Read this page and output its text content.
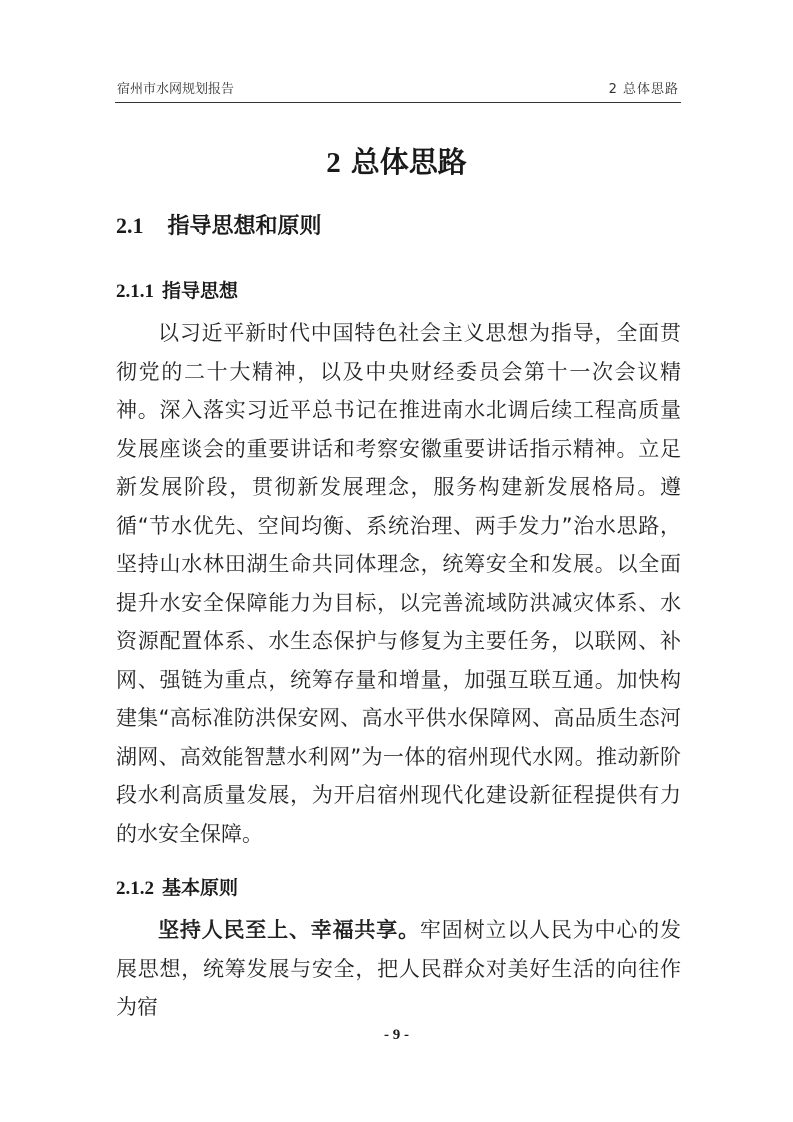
宿州市水网规划报告	2 总体思路
2 总体思路
2.1 指导思想和原则
2.1.1 指导思想

以习近平新时代中国特色社会主义思想为指导，全面贯彻党的二十大精神，以及中央财经委员会第十一次会议精神。深入落实习近平总书记在推进南水北调后续工程高质量发展座谈会的重要讲话和考察安徽重要讲话指示精神。立足新发展阶段，贯彻新发展理念，服务构建新发展格局。遵循“节水优先、空间均衡、系统治理、两手发力”治水思路，坚持山水林田湖生命共同体理念，统筹安全和发展。以全面提升水安全保障能力为目标，以完善流域防洪减灾体系、水资源配置体系、水生态保护与修复为主要任务，以联网、补网、强链为重点，统筹存量和增量，加强互联互通。加快构建集“高标准防洪保安网、高水平供水保障网、高品质生态河湖网、高效能智慧水利网”为一体的宿州现代水网。推动新阶段水利高质量发展，为开启宿州现代化建设新征程提供有力的水安全保障。

2.1.2 基本原则

坚持人民至上、幸福共享。牢固树立以人民为中心的发展思想，统筹发展与安全，把人民群众对美好生活的向往作为宿

- 9 -
